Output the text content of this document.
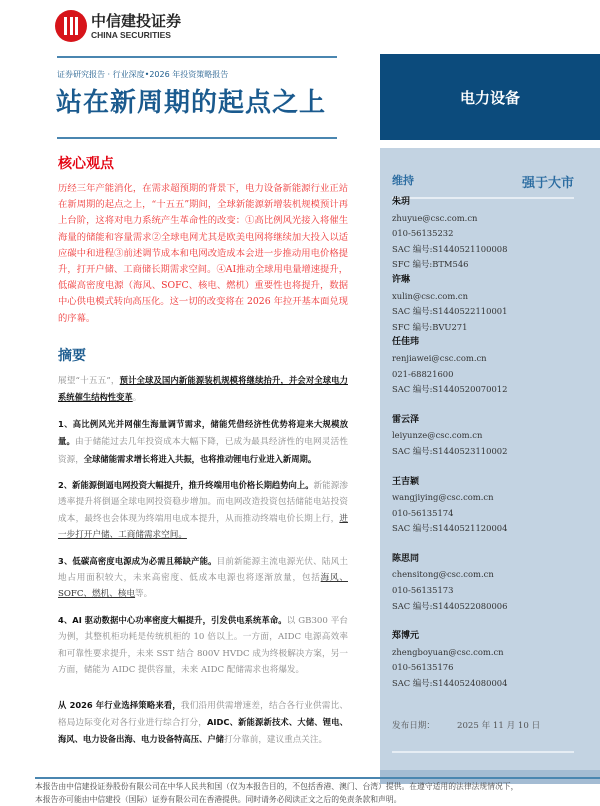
中信建投证券
CHINA SECURITIES
证券研究报告 · 行业深度•2026 年投资策略报告
站在新周期的起点之上	电力设备
核心观点
历经三年产能消化，在需求超预期的背景下，电力设备新能源行业正站在新周期的起点之上，“十五五”期间，全球新能源新增装机规模预计再上台阶，这将对电力系统产生革命性的改变：①高比例风光接入将催生海量的储能和容量需求②全球电网尤其是欧美电网将继续加大投入以适应碳中和进程③前述调节成本和电网改造成本会进一步推动用电价格提升，打开户储、工商储长期需求空间。④AI推动全球用电量增速提升，低碳高密度电源（海风、SOFC、核电、燃机）重要性也将提升，数据中心供电模式转向高压化。这一切的改变将在 2026 年拉开基本面兑现的序幕。
摘要

展望“十五五”，预计全球及国内新能源装机规模将继续抬升，并会对全球电力系统催生结构性变革。

1、高比例风光并网催生海量调节需求，储能凭借经济性优势将迎来大规模放量。由于储能过去几年投资成本大幅下降，已成为最具经济性的电网灵活性资源，全球储能需求增长将进入共振，也将推动锂电行业进入新周期。

2、新能源倒逼电网投资大幅提升，推升终端用电价格长期趋势向上。新能源渗透率提升将倒逼全球电网投资稳步增加。而电网改造投资包括储能电站投资成本，最终也会体现为终端用电成本提升，从而推动终端电价长期上行，进一步打开户储、工商储需求空间。

3、低碳高密度电源成为必需且稀缺产能。目前新能源主流电源光伏、陆风土地占用面积较大，未来高密度、低成本电源也将逐渐放量，包括海风、SOFC、燃机、核电等。

4、AI 驱动数据中心功率密度大幅提升，引发供电系统革命。以 GB300 平台为例，其整机柜功耗是传统机柜的 10 倍以上。一方面，AIDC 电源高效率和可靠性要求提升，未来 SST 结合 800V HVDC 成为终极解决方案，另一方面，储能为 AIDC 提供容量，未来 AIDC 配储需求也将爆发。

从 2026 年行业选择策略来看，我们沿用供需增速差，结合各行业供需比、格局边际变化对各行业进行综合打分，AIDC、新能源新技术、大储、锂电、海风、电力设备出海、电力设备特高压、户储打分靠前，建议重点关注。

维持	强于大市
朱玥
zhuyue@csc.com.cn
010-56135232
SAC 编号:S1440521100008
SFC 编号:BTM546
许琳
xulin@csc.com.cn
SAC 编号:S1440522110001
SFC 编号:BVU271
任佳玮
renjiawei@csc.com.cn
021-68821600
SAC 编号:S1440520070012
雷云泽
leiyunze@csc.com.cn
SAC 编号:S1440523110002
王吉颖
wangjiying@csc.com.cn
010-56135174
SAC 编号:S1440521120004
陈思同
chensitong@csc.com.cn
010-56135173
SAC 编号:S1440522080006
郑博元
zhengboyuan@csc.com.cn
010-56135176
SAC 编号:S1440524080004
发布日期：	2025 年 11 月 10 日
本报告由中信建投证券股份有限公司在中华人民共和国（仅为本报告目的，不包括香港、澳门、台湾）提供。在遵守适用的法律法规情况下，
本报告亦可能由中信建投（国际）证券有限公司在香港提供。同时请务必阅读正文之后的免责条款和声明。
